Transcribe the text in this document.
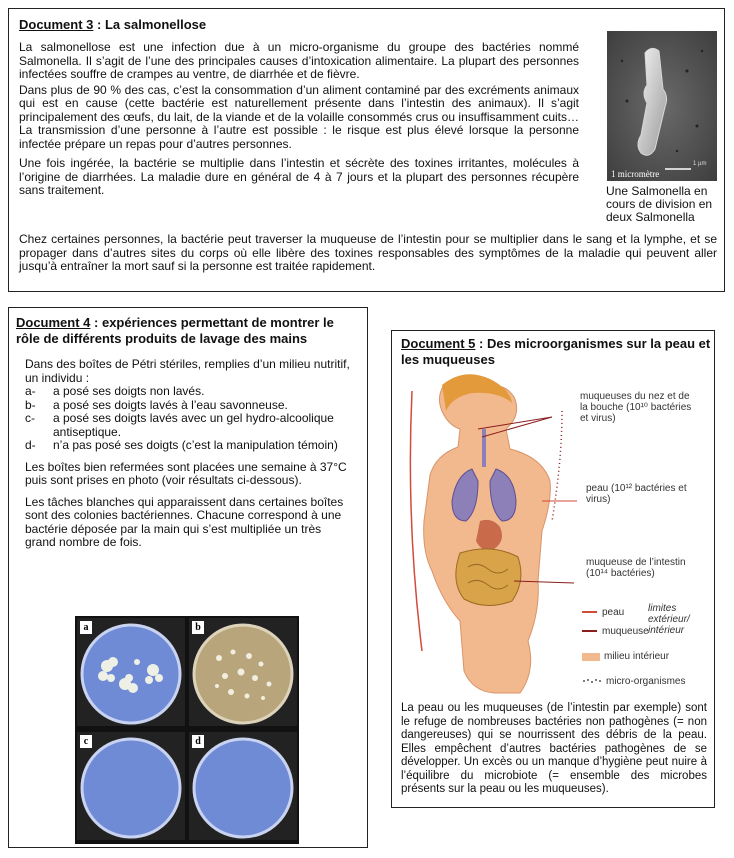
Document 3 : La salmonellose

La salmonellose est une infection due à un micro-organisme du groupe des bactéries nommé Salmonella. Il s’agit de l’une des principales causes d’intoxication alimentaire. La plupart des personnes infectées souffre de crampes au ventre, de diarrhée et de fièvre.

Dans plus de 90 % des cas, c’est la consommation d’un aliment contaminé par des excréments animaux qui est en cause (cette bactérie est naturellement présente dans l’intestin des animaux). Il s’agit principalement des œufs, du lait, de la viande et de la volaille consommés crus ou insuffisamment cuits…La transmission d’une personne à l’autre est possible : le risque est plus élevé lorsque la personne infectée prépare un repas pour d’autres personnes.

Une fois ingérée, la bactérie se multiplie dans l’intestin et sécrète des toxines irritantes, molécules à l’origine de diarrhées. La maladie dure en général de 4 à 7 jours et la plupart des personnes récupère sans traitement.

Chez certaines personnes, la bactérie peut traverser la muqueuse de l’intestin pour se multiplier dans le sang et la lymphe, et se propager dans d’autres sites du corps où elle libère des toxines responsables des symptômes de la maladie qui peuvent aller jusqu’à entraîner la mort sauf si la personne est traitée rapidement.

1 µm
1 micromètre
Une Salmonella en cours de division en deux Salmonella
Document 4 : expériences permettant de montrer le rôle de différents produits de lavage des mains

Dans des boîtes de Pétri stériles, remplies d’un milieu nutritif, un individu :

a-	a posé ses doigts non lavés.
b-	a posé ses doigts lavés à l’eau savonneuse.
c-	a posé ses doigts lavés avec un gel hydro-alcoolique antiseptique.
d-	n’a pas posé ses doigts (c’est la manipulation témoin)

Les boîtes bien refermées sont placées une semaine à 37°C puis sont prises en photo (voir résultats ci-dessous).

Les tâches blanches qui apparaissent dans certaines boîtes sont des colonies bactériennes. Chacune correspond à une bactérie déposée par la main qui s’est multipliée un très grand nombre de fois.

a	b
c	d
Document 5 : Des microorganismes sur la peau et les muqueuses
muqueuses du nez et de la bouche (10¹⁰ bactéries et virus)
peau (10¹² bactéries et virus)
muqueuse de l’intestin (10¹⁴ bactéries)
peau
muqueuse
limites extérieur/ intérieur
milieu intérieur
micro-organismes
La peau ou les muqueuses (de l’intestin par exemple) sont le refuge de nombreuses bactéries non pathogènes (= non dangereuses) qui se nourrissent des débris de la peau. Elles empêchent d’autres bactéries pathogènes de se développer. Un excès ou un manque d’hygiène peut nuire à l’équilibre du microbiote (= ensemble des microbes présents sur la peau ou les muqueuses).
